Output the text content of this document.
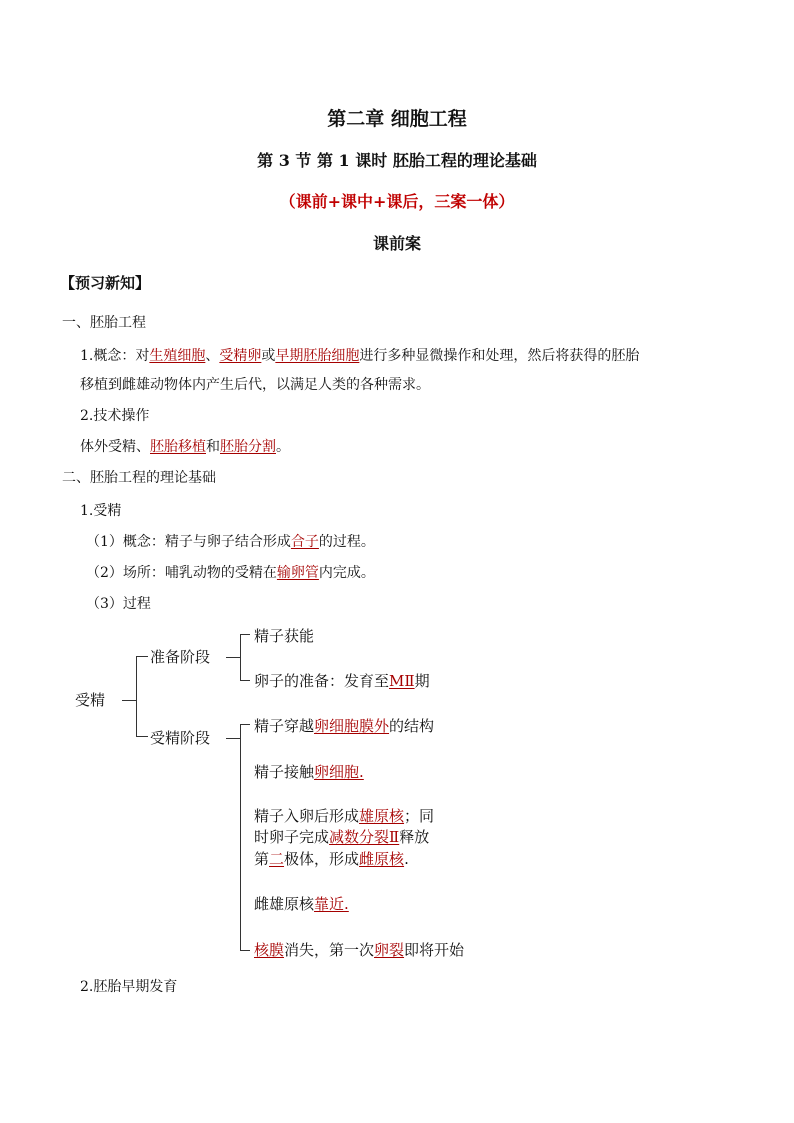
第二章 细胞工程
第 3 节 第 1 课时 胚胎工程的理论基础
（课前+课中+课后，三案一体）
课前案
【预习新知】
一、胚胎工程
1.概念：对生殖细胞、受精卵或早期胚胎细胞进行多种显微操作和处理，然后将获得的胚胎
移植到雌雄动物体内产生后代，以满足人类的各种需求。
2.技术操作
体外受精、胚胎移植和胚胎分割。
二、胚胎工程的理论基础
1.受精
（1）概念：精子与卵子结合形成合子的过程。
（2）场所：哺乳动物的受精在输卵管内完成。
（3）过程
受精
准备阶段
受精阶段
精子获能
卵子的准备：发育至MⅡ期
精子穿越卵细胞膜外的结构
精子接触卵细胞.
精子入卵后形成雄原核；同
时卵子完成减数分裂Ⅱ释放
第二极体，形成雌原核.
雌雄原核靠近.
核膜消失，第一次卵裂即将开始
2.胚胎早期发育
